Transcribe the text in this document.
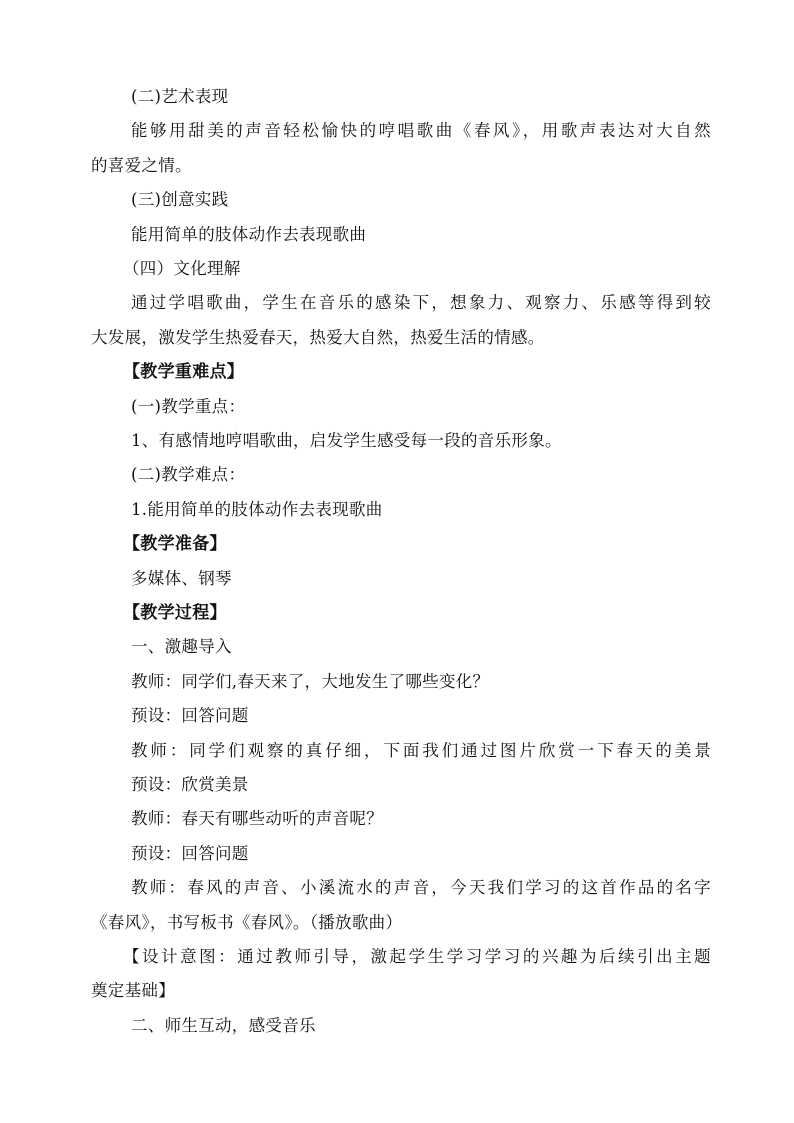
(二)艺术表现
能够用甜美的声音轻松愉快的哼唱歌曲《春风》，用歌声表达对大自然
的喜爱之情。
(三)创意实践
能用简单的肢体动作去表现歌曲
（四）文化理解
通过学唱歌曲，学生在音乐的感染下，想象力、观察力、乐感等得到较
大发展，激发学生热爱春天，热爱大自然，热爱生活的情感。
【教学重难点】
(一)教学重点：
1、有感情地哼唱歌曲，启发学生感受每一段的音乐形象。
(二)教学难点：
1.能用简单的肢体动作去表现歌曲
【教学准备】
多媒体、钢琴
【教学过程】
一、激趣导入
教师：同学们,春天来了，大地发生了哪些变化？
预设：回答问题
教师：同学们观察的真仔细，下面我们通过图片欣赏一下春天的美景
预设：欣赏美景
教师：春天有哪些动听的声音呢？
预设：回答问题
教师：春风的声音、小溪流水的声音，今天我们学习的这首作品的名字
《春风》，书写板书《春风》。（播放歌曲）
【设计意图：通过教师引导，激起学生学习学习的兴趣为后续引出主题
奠定基础】
二、师生互动，感受音乐
